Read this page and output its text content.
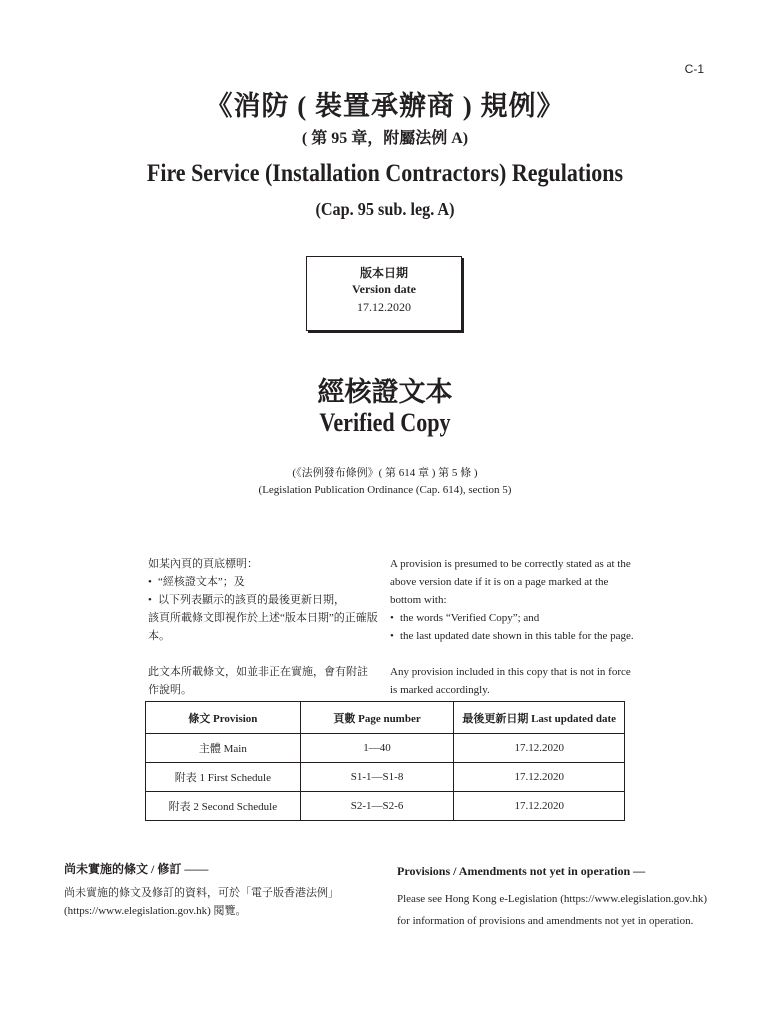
C-1
《消防 ( 裝置承辦商 ) 規例》
( 第 95 章，附屬法例 A)
Fire Service (Installation Contractors) Regulations
(Cap. 95 sub. leg. A)
版本日期
Version date
17.12.2020
經核證文本
Verified Copy
(《法例發布條例》( 第 614 章 ) 第 5 條 )
(Legislation Publication Ordinance (Cap. 614), section 5)
如某內頁的頁底標明：
• “經核證文本”；及
• 以下列表顯示的該頁的最後更新日期，
該頁所載條文即視作於上述“版本日期”的正確版本。
此文本所載條文，如並非正在實施，會有附註作說明。
A provision is presumed to be correctly stated as at the above version date if it is on a page marked at the bottom with:
• the words “Verified Copy”; and
• the last updated date shown in this table for the page.
Any provision included in this copy that is not in force is marked accordingly.
條文 Provision	頁數 Page number	最後更新日期 Last updated date
主體 Main	1—40	17.12.2020
附表 1 First Schedule	S1-1—S1-8	17.12.2020
附表 2 Second Schedule	S2-1—S2-6	17.12.2020
尚未實施的條文 / 修訂 ——
尚未實施的條文及修訂的資料，可於「電子版香港法例」(https://www.elegislation.gov.hk) 閱覽。
Provisions / Amendments not yet in operation —
Please see Hong Kong e-Legislation (https://www.elegislation.gov.hk) for information of provisions and amendments not yet in operation.
